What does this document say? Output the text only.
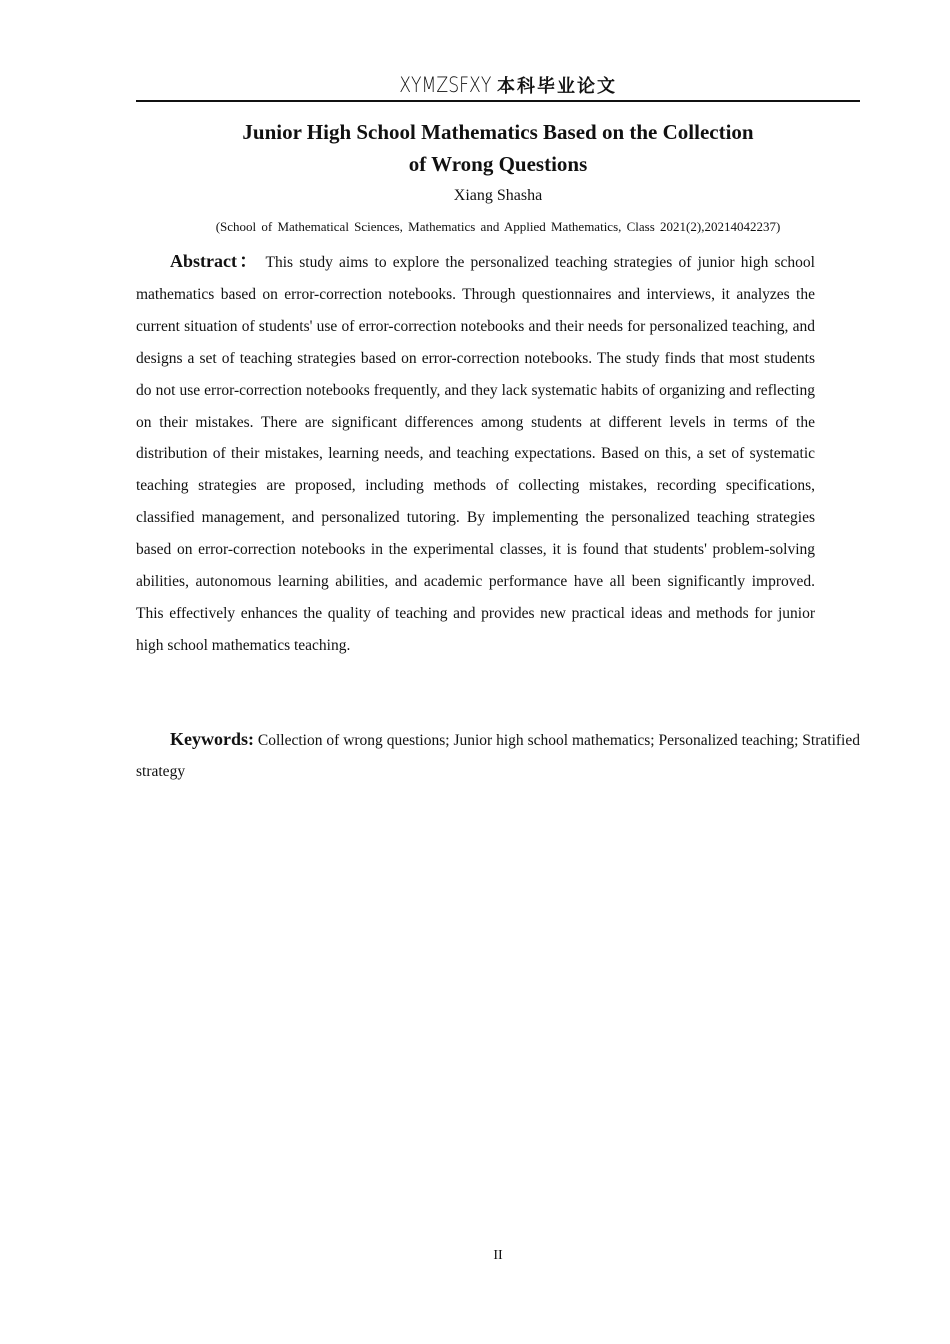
XYMZSFXY 本科毕业论文
Junior High School Mathematics Based on the Collection
of Wrong Questions
Xiang Shasha
(School of Mathematical Sciences, Mathematics and Applied Mathematics, Class 2021(2),20214042237)

Abstract： This study aims to explore the personalized teaching strategies of junior high school mathematics based on error-correction notebooks. Through questionnaires and interviews, it analyzes the current situation of students' use of error-correction notebooks and their needs for personalized teaching, and designs a set of teaching strategies based on error-correction notebooks. The study finds that most students do not use error-correction notebooks frequently, and they lack systematic habits of organizing and reflecting on their mistakes. There are significant differences among students at different levels in terms of the distribution of their mistakes, learning needs, and teaching expectations. Based on this, a set of systematic teaching strategies are proposed, including methods of collecting mistakes, recording specifications, classified management, and personalized tutoring. By implementing the personalized teaching strategies based on error-correction notebooks in the experimental classes, it is found that students' problem-solving abilities, autonomous learning abilities, and academic performance have all been significantly improved. This effectively enhances the quality of teaching and provides new practical ideas and methods for junior high school mathematics teaching.

Keywords: Collection of wrong questions; Junior high school mathematics; Personalized teaching; Stratified strategy

II
